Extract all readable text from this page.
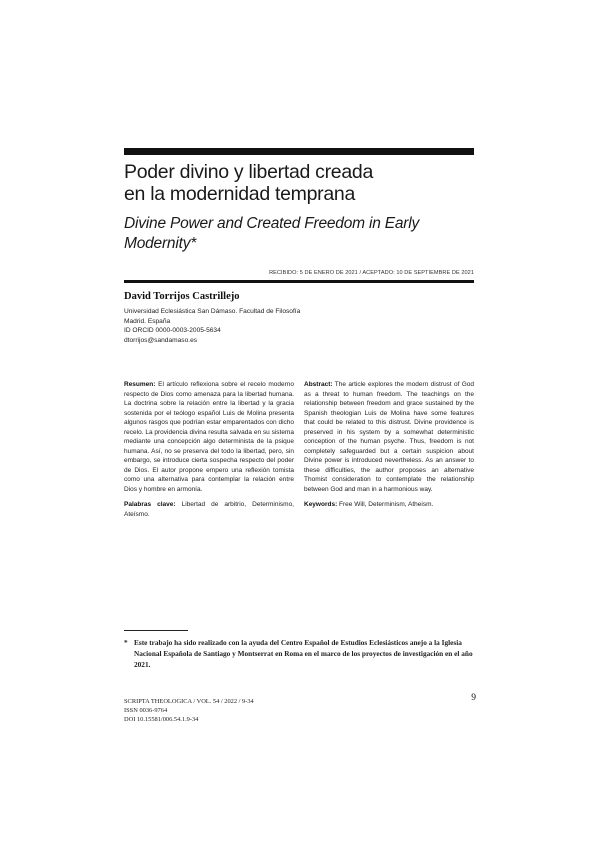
Poder divino y libertad creada
en la modernidad temprana
Divine Power and Created Freedom in Early Modernity*
RECIBIDO: 5 DE ENERO DE 2021 / ACEPTADO: 10 DE SEPTIEMBRE DE 2021
David Torrijos Castrillejo
Universidad Eclesiástica San Dámaso. Facultad de Filosofía
Madrid. España
ID ORCID 0000-0003-2005-5634
dtorrijos@sandamaso.es
Resumen: El artículo reflexiona sobre el recelo moderno respecto de Dios como amenaza para la libertad humana. La doctrina sobre la relación entre la libertad y la gracia sostenida por el teólogo español Luis de Molina presenta algunos rasgos que podrían estar emparentados con dicho recelo. La providencia divina resulta salvada en su sistema mediante una concepción algo determinista de la psique humana. Así, no se preserva del todo la libertad, pero, sin embargo, se introduce cierta sospecha respecto del poder de Dios. El autor propone empero una reflexión tomista como una alternativa para contemplar la relación entre Dios y hombre en armonía.
Palabras clave: Libertad de arbitrio, Determinismo, Ateísmo.
Abstract: The article explores the modern distrust of God as a threat to human freedom. The teachings on the relationship between freedom and grace sustained by the Spanish theologian Luis de Molina have some features that could be related to this distrust. Divine providence is preserved in his system by a somewhat deterministic conception of the human psyche. Thus, freedom is not completely safeguarded but a certain suspicion about Divine power is introduced nevertheless. As an answer to these difficulties, the author proposes an alternative Thomist consideration to contemplate the relationship between God and man in a harmonious way.
Keywords: Free Will, Determinism, Atheism.
* Este trabajo ha sido realizado con la ayuda del Centro Español de Estudios Eclesiásticos anejo a la Iglesia Nacional Española de Santiago y Montserrat en Roma en el marco de los proyectos de investigación en el año 2021.
SCRIPTA THEOLOGICA / VOL. 54 / 2022 / 9-34
ISSN 0036-9764
DOI 10.15581/006.54.1.9-34
9
